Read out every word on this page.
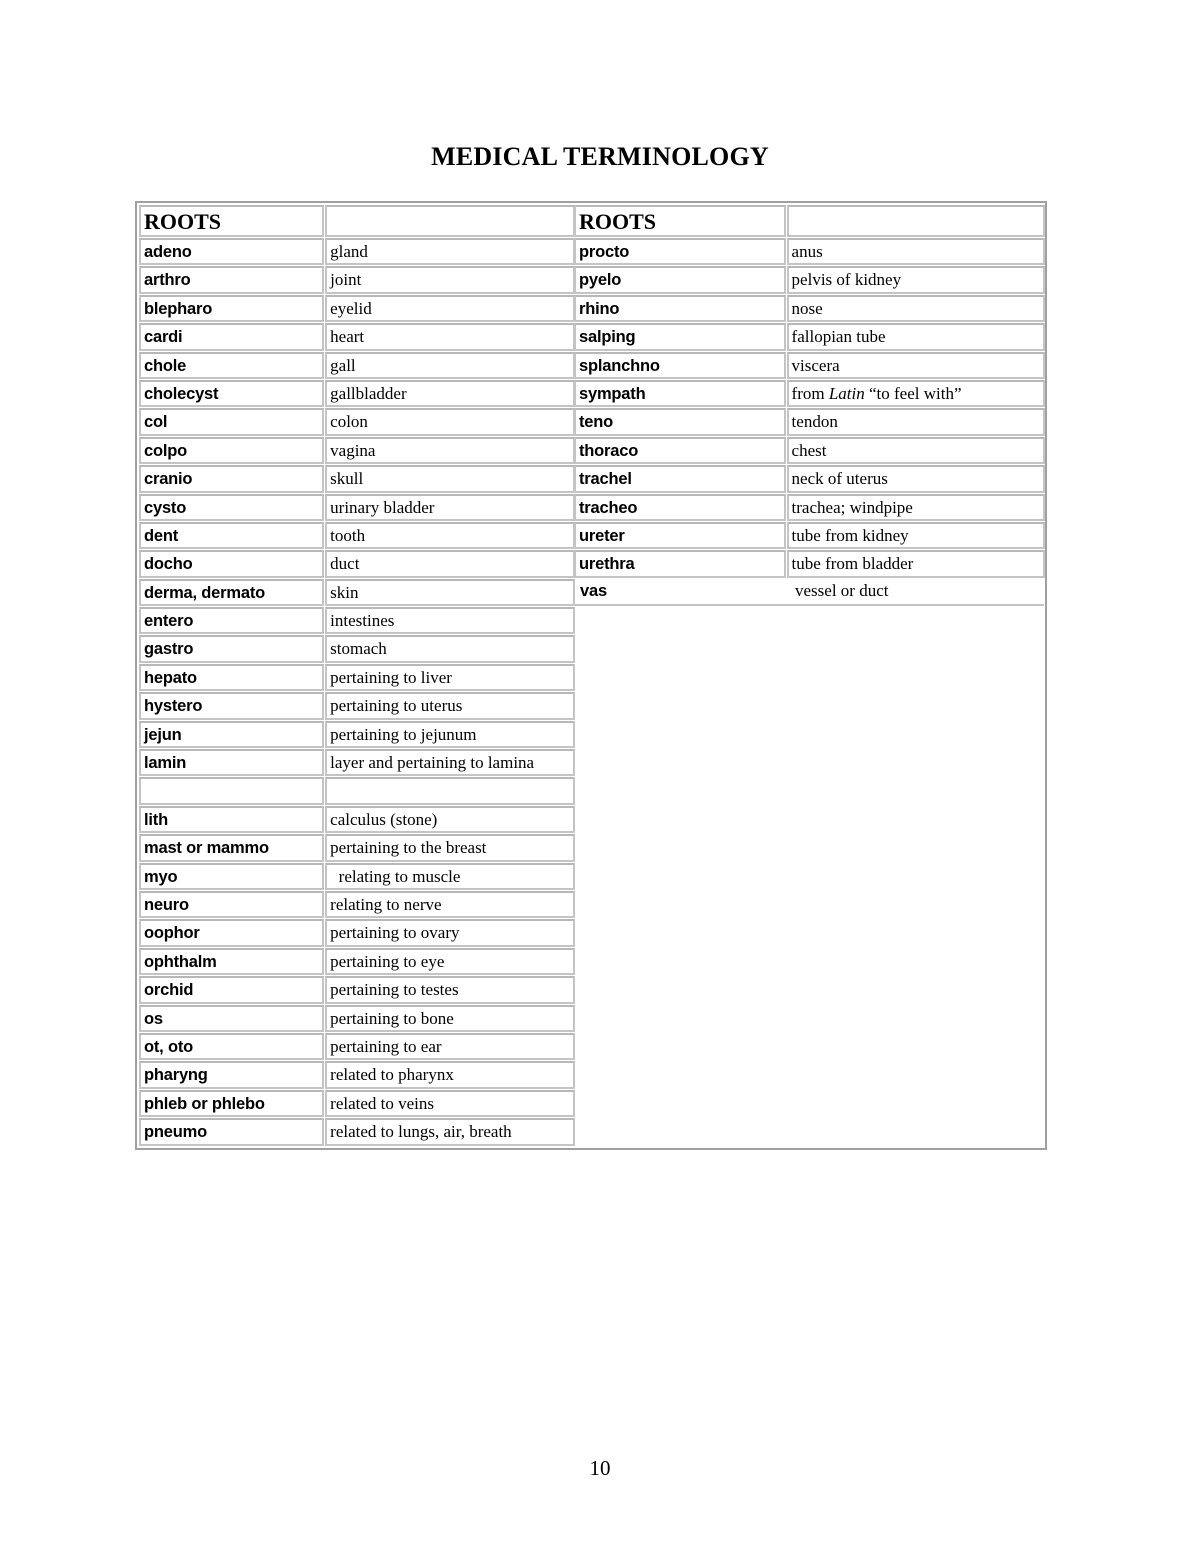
MEDICAL TERMINOLOGY
ROOTS
adeno	gland
arthro	joint
blepharo	eyelid
cardi	heart
chole	gall
cholecyst	gallbladder
col	colon
colpo	vagina
cranio	skull
cysto	urinary bladder
dent	tooth
docho	duct
derma, dermato	skin
entero	intestines
gastro	stomach
hepato	pertaining to liver
hystero	pertaining to uterus
jejun	pertaining to jejunum
lamin	layer and pertaining to lamina
lith	calculus (stone)
mast or mammo	pertaining to the breast
myo	relating to muscle
neuro	relating to nerve
oophor	pertaining to ovary
ophthalm	pertaining to eye
orchid	pertaining to testes
os	pertaining to bone
ot, oto	pertaining to ear
pharyng	related to pharynx
phleb or phlebo	related to veins
pneumo	related to lungs, air, breath
ROOTS
procto	anus
pyelo	pelvis of kidney
rhino	nose
salping	fallopian tube
splanchno	viscera
sympath	from Latin “to feel with”
teno	tendon
thoraco	chest
trachel	neck of uterus
tracheo	trachea; windpipe
ureter	tube from kidney
urethra	tube from bladder
vas	vessel or duct
10
